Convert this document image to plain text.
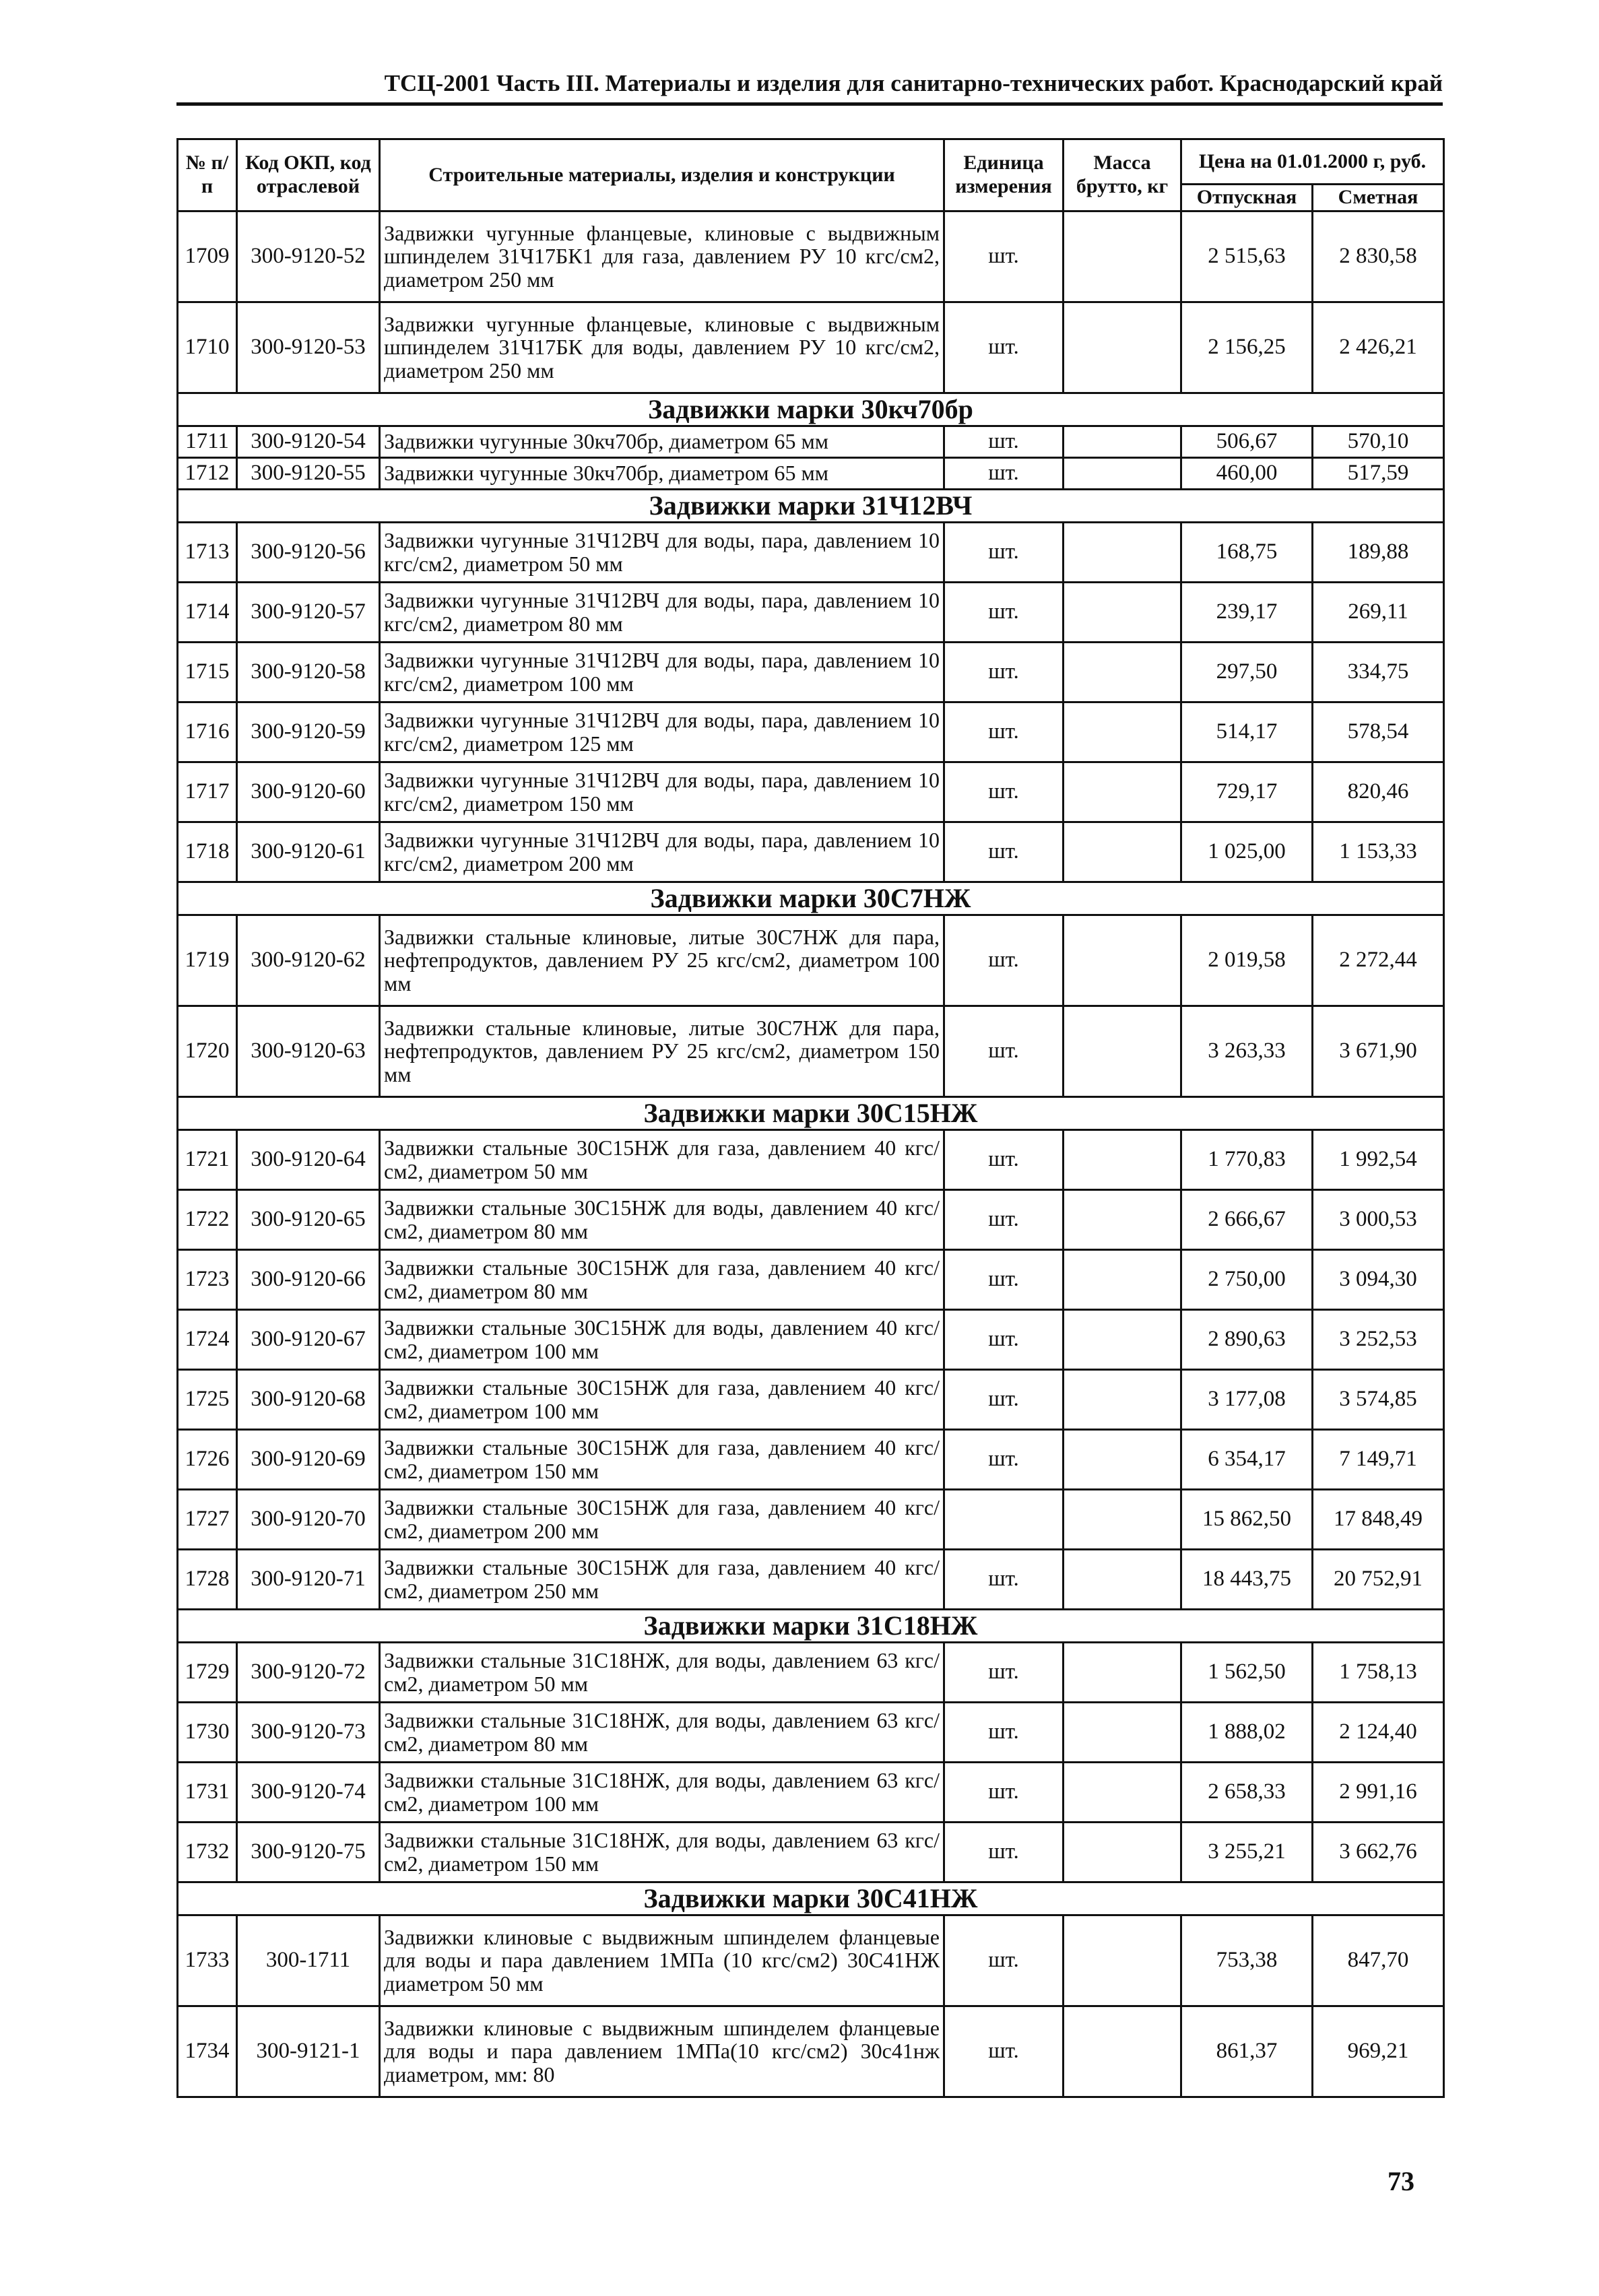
ТСЦ-2001 Часть III. Материалы и изделия для санитарно-технических работ. Краснодарский край
№ п/п	Код ОКП, код отраслевой	Строительные материалы, изделия и конструкции	Единица измерения	Масса брутто, кг	Цена на 01.01.2000 г, руб.	
					Отпускная	Сметная
1709	300-9120-52	Задвижки чугунные фланцевые, клиновые с выдвижным шпинделем 31Ч17БК1 для газа, давлением РУ 10 кгс/см2, диаметром 250 мм	шт.		2 515,63	2 830,58
1710	300-9120-53	Задвижки чугунные фланцевые, клиновые с выдвижным шпинделем 31Ч17БК для воды, давлением РУ 10 кгс/см2, диаметром 250 мм	шт.		2 156,25	2 426,21
Задвижки марки 30кч70бр						
1711	300-9120-54	Задвижки чугунные 30кч70бр, диаметром 65 мм	шт.		506,67	570,10
1712	300-9120-55	Задвижки чугунные 30кч70бр, диаметром 65 мм	шт.		460,00	517,59
Задвижки марки 31Ч12ВЧ						
1713	300-9120-56	Задвижки чугунные 31Ч12ВЧ для воды, пара, давлением 10 кгс/см2, диаметром 50 мм	шт.		168,75	189,88
1714	300-9120-57	Задвижки чугунные 31Ч12ВЧ для воды, пара, давлением 10 кгс/см2, диаметром 80 мм	шт.		239,17	269,11
1715	300-9120-58	Задвижки чугунные 31Ч12ВЧ для воды, пара, давлением 10 кгс/см2, диаметром 100 мм	шт.		297,50	334,75
1716	300-9120-59	Задвижки чугунные 31Ч12ВЧ для воды, пара, давлением 10 кгс/см2, диаметром 125 мм	шт.		514,17	578,54
1717	300-9120-60	Задвижки чугунные 31Ч12ВЧ для воды, пара, давлением 10 кгс/см2, диаметром 150 мм	шт.		729,17	820,46
1718	300-9120-61	Задвижки чугунные 31Ч12ВЧ для воды, пара, давлением 10 кгс/см2, диаметром 200 мм	шт.		1 025,00	1 153,33
Задвижки марки 30С7НЖ						
1719	300-9120-62	Задвижки стальные клиновые, литые 30С7НЖ для пара, нефтепродуктов, давлением РУ 25 кгс/см2, диаметром 100 мм	шт.		2 019,58	2 272,44
1720	300-9120-63	Задвижки стальные клиновые, литые 30С7НЖ для пара, нефтепродуктов, давлением РУ 25 кгс/см2, диаметром 150 мм	шт.		3 263,33	3 671,90
Задвижки марки 30С15НЖ						
1721	300-9120-64	Задвижки стальные 30С15НЖ для газа, давлением 40 кгс/см2, диаметром 50 мм	шт.		1 770,83	1 992,54
1722	300-9120-65	Задвижки стальные 30С15НЖ для воды, давлением 40 кгс/см2, диаметром 80 мм	шт.		2 666,67	3 000,53
1723	300-9120-66	Задвижки стальные 30С15НЖ для газа, давлением 40 кгс/см2, диаметром 80 мм	шт.		2 750,00	3 094,30
1724	300-9120-67	Задвижки стальные 30С15НЖ для воды, давлением 40 кгс/см2, диаметром 100 мм	шт.		2 890,63	3 252,53
1725	300-9120-68	Задвижки стальные 30С15НЖ для газа, давлением 40 кгс/см2, диаметром 100 мм	шт.		3 177,08	3 574,85
1726	300-9120-69	Задвижки стальные 30С15НЖ для газа, давлением 40 кгс/см2, диаметром 150 мм	шт.		6 354,17	7 149,71
1727	300-9120-70	Задвижки стальные 30С15НЖ для газа, давлением 40 кгс/см2, диаметром 200 мм			15 862,50	17 848,49
1728	300-9120-71	Задвижки стальные 30С15НЖ для газа, давлением 40 кгс/см2, диаметром 250 мм	шт.		18 443,75	20 752,91
Задвижки марки 31С18НЖ						
1729	300-9120-72	Задвижки стальные 31С18НЖ, для воды, давлением 63 кгс/см2, диаметром 50 мм	шт.		1 562,50	1 758,13
1730	300-9120-73	Задвижки стальные 31С18НЖ, для воды, давлением 63 кгс/см2, диаметром 80 мм	шт.		1 888,02	2 124,40
1731	300-9120-74	Задвижки стальные 31С18НЖ, для воды, давлением 63 кгс/см2, диаметром 100 мм	шт.		2 658,33	2 991,16
1732	300-9120-75	Задвижки стальные 31С18НЖ, для воды, давлением 63 кгс/см2, диаметром 150 мм	шт.		3 255,21	3 662,76
Задвижки марки 30С41НЖ						
1733	300-1711	Задвижки клиновые с выдвижным шпинделем фланцевые для воды и пара давлением 1МПа (10 кгс/см2) 30С41НЖ диаметром 50 мм	шт.		753,38	847,70
1734	300-9121-1	Задвижки клиновые с выдвижным шпинделем фланцевые для воды и пара давлением 1МПа(10 кгс/см2) 30с41нж диаметром, мм: 80	шт.		861,37	969,21
73
